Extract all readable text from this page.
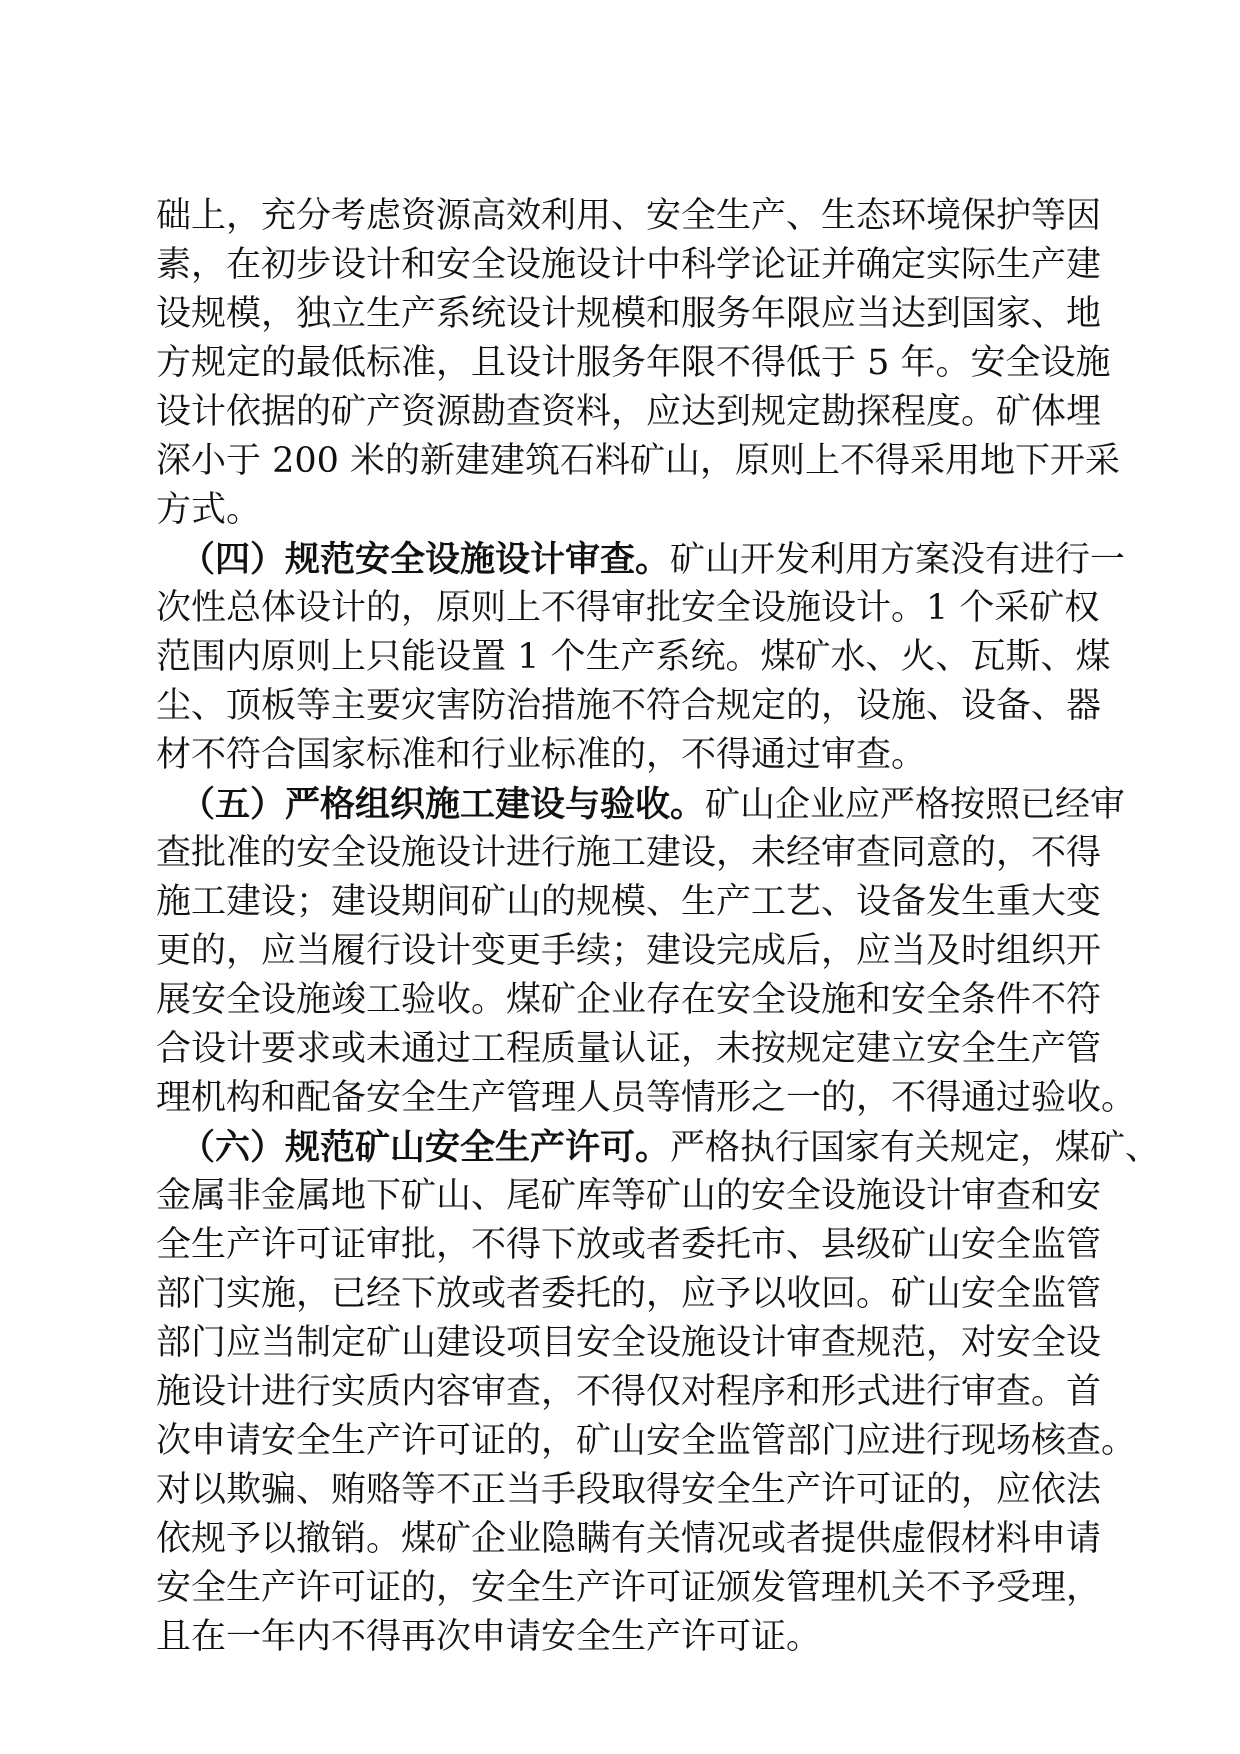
础上，充分考虑资源高效利用、安全生产、生态环境保护等因
素，在初步设计和安全设施设计中科学论证并确定实际生产建
设规模，独立生产系统设计规模和服务年限应当达到国家、地
方规定的最低标准，且设计服务年限不得低于 5 年。安全设施
设计依据的矿产资源勘查资料，应达到规定勘探程度。矿体埋
深小于 200 米的新建建筑石料矿山，原则上不得采用地下开采
方式。
（四）规范安全设施设计审查。矿山开发利用方案没有进行一
次性总体设计的，原则上不得审批安全设施设计。1 个采矿权
范围内原则上只能设置 1 个生产系统。煤矿水、火、瓦斯、煤
尘、顶板等主要灾害防治措施不符合规定的，设施、设备、器
材不符合国家标准和行业标准的，不得通过审查。
（五）严格组织施工建设与验收。矿山企业应严格按照已经审
查批准的安全设施设计进行施工建设，未经审查同意的，不得
施工建设；建设期间矿山的规模、生产工艺、设备发生重大变
更的，应当履行设计变更手续；建设完成后，应当及时组织开
展安全设施竣工验收。煤矿企业存在安全设施和安全条件不符
合设计要求或未通过工程质量认证，未按规定建立安全生产管
理机构和配备安全生产管理人员等情形之一的，不得通过验收。
（六）规范矿山安全生产许可。严格执行国家有关规定，煤矿、
金属非金属地下矿山、尾矿库等矿山的安全设施设计审查和安
全生产许可证审批，不得下放或者委托市、县级矿山安全监管
部门实施，已经下放或者委托的，应予以收回。矿山安全监管
部门应当制定矿山建设项目安全设施设计审查规范，对安全设
施设计进行实质内容审查，不得仅对程序和形式进行审查。首
次申请安全生产许可证的，矿山安全监管部门应进行现场核查。
对以欺骗、贿赂等不正当手段取得安全生产许可证的，应依法
依规予以撤销。煤矿企业隐瞒有关情况或者提供虚假材料申请
安全生产许可证的，安全生产许可证颁发管理机关不予受理，
且在一年内不得再次申请安全生产许可证。
